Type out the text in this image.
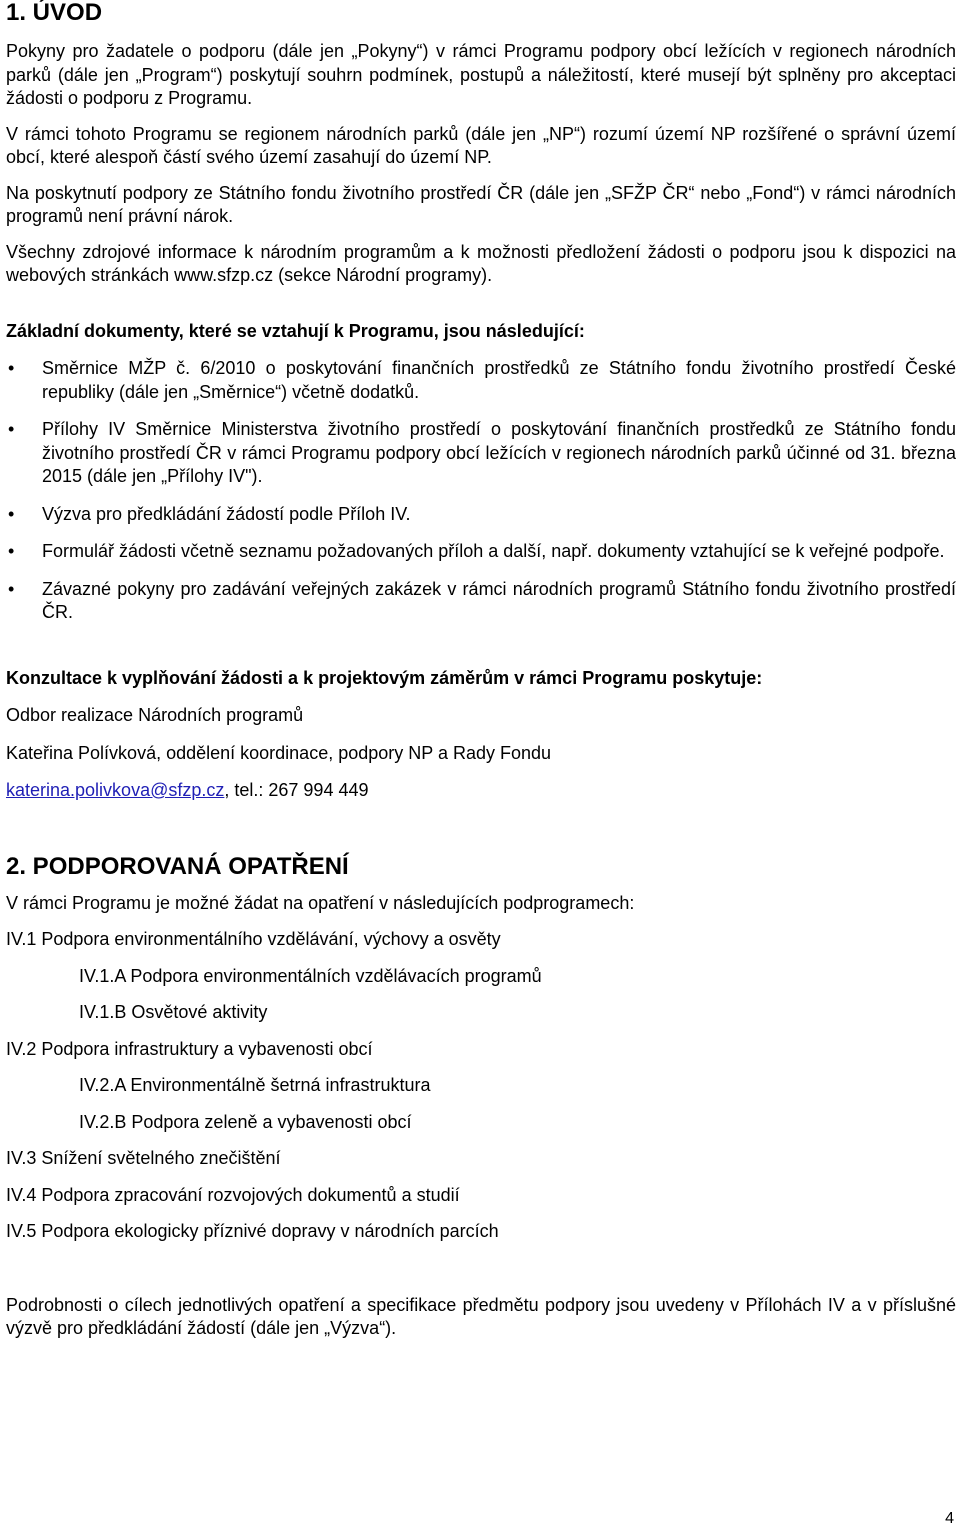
1. ÚVOD

Pokyny pro žadatele o podporu (dále jen „Pokyny“) v rámci Programu podpory obcí ležících v regionech národních parků (dále jen „Program“) poskytují souhrn podmínek, postupů a náležitostí, které musejí být splněny pro akceptaci žádosti o podporu z Programu.

V rámci tohoto Programu se regionem národních parků (dále jen „NP“) rozumí území NP rozšířené o správní území obcí, které alespoň částí svého území zasahují do území NP.

Na poskytnutí podpory ze Státního fondu životního prostředí ČR (dále jen „SFŽP ČR“ nebo „Fond“) v rámci národních programů není právní nárok.

Všechny zdrojové informace k národním programům a k možnosti předložení žádosti o podporu jsou k dispozici na webových stránkách www.sfzp.cz (sekce Národní programy).

Základní dokumenty, které se vztahují k Programu, jsou následující:

• Směrnice MŽP č. 6/2010 o poskytování finančních prostředků ze Státního fondu životního prostředí České republiky (dále jen „Směrnice“) včetně dodatků.
• Přílohy IV Směrnice Ministerstva životního prostředí o poskytování finančních prostředků ze Státního fondu životního prostředí ČR v rámci Programu podpory obcí ležících v regionech národních parků účinné od 31. března 2015 (dále jen „Přílohy IV").
• Výzva pro předkládání žádostí podle Příloh IV.
• Formulář žádosti včetně seznamu požadovaných příloh a další, např. dokumenty vztahující se k veřejné podpoře.
• Závazné pokyny pro zadávání veřejných zakázek v rámci národních programů Státního fondu životního prostředí ČR.

Konzultace k vyplňování žádosti a k projektovým záměrům v rámci Programu poskytuje:

Odbor realizace Národních programů

Kateřina Polívková, oddělení koordinace, podpory NP a Rady Fondu

katerina.polivkova@sfzp.cz, tel.: 267 994 449

2. PODPOROVANÁ OPATŘENÍ

V rámci Programu je možné žádat na opatření v následujících podprogramech:

IV.1 Podpora environmentálního vzdělávání, výchovy a osvěty

IV.1.A Podpora environmentálních vzdělávacích programů

IV.1.B Osvětové aktivity

IV.2 Podpora infrastruktury a vybavenosti obcí

IV.2.A Environmentálně šetrná infrastruktura

IV.2.B Podpora zeleně a vybavenosti obcí

IV.3 Snížení světelného znečištění

IV.4 Podpora zpracování rozvojových dokumentů a studií

IV.5 Podpora ekologicky příznivé dopravy v národních parcích

Podrobnosti o cílech jednotlivých opatření a specifikace předmětu podpory jsou uvedeny v Přílohách IV a v příslušné výzvě pro předkládání žádostí (dále jen „Výzva“).

4
